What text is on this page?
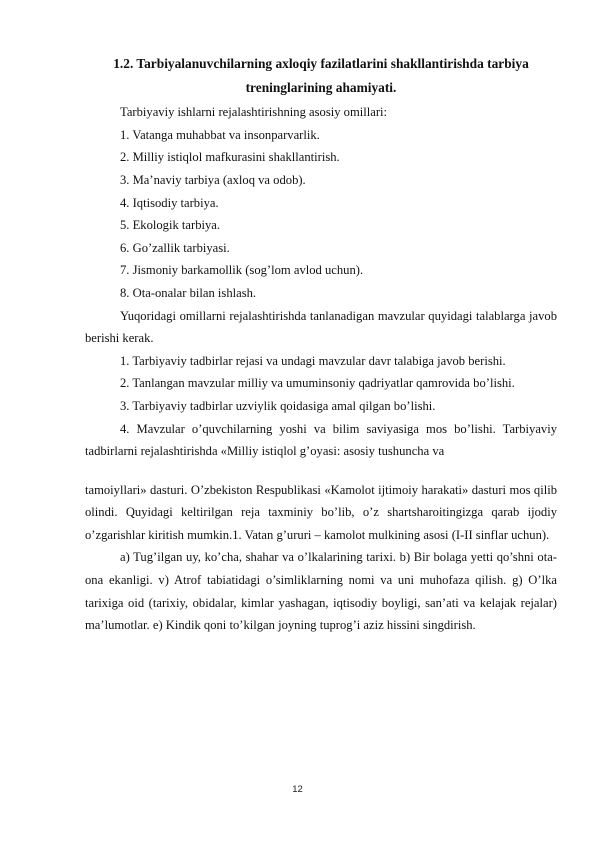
1.2. Tarbiyalanuvchilarning axloqiy fazilatlarini shakllantirishda tarbiya treninglarining ahamiyati.

Tarbiyaviy ishlarni rejalashtirishning asosiy omillari:

1. Vatanga muhabbat va insonparvarlik.

2. Milliy istiqlol mafkurasini shakllantirish.

3. Ma’naviy tarbiya (axloq va odob).

4. Iqtisodiy tarbiya.

5. Ekologik tarbiya.

6. Go’zallik tarbiyasi.

7. Jismoniy barkamollik (sog’lom avlod uchun).

8. Ota-onalar bilan ishlash.

Yuqoridagi omillarni rejalashtirishda tanlanadigan mavzular quyidagi talablarga javob berishi kerak.

1. Tarbiyaviy tadbirlar rejasi va undagi mavzular davr talabiga javob berishi.

2. Tanlangan mavzular milliy va umuminsoniy qadriyatlar qamrovida bo’lishi.

3. Tarbiyaviy tadbirlar uzviylik qoidasiga amal qilgan bo’lishi.

4. Mavzular o’quvchilarning yoshi va bilim saviyasiga mos bo’lishi. Tarbiyaviy tadbirlarni rejalashtirishda «Milliy istiqlol g’oyasi: asosiy tushuncha va

tamoiyllari» dasturi. O’zbekiston Respublikasi «Kamolot ijtimoiy harakati» dasturi mos qilib olindi. Quyidagi keltirilgan reja taxminiy bo’lib, o’z shartsharoitingizga qarab ijodiy o’zgarishlar kiritish mumkin.1. Vatan g’ururi – kamolot mulkining asosi (I-II sinflar uchun).

a) Tug’ilgan uy, ko’cha, shahar va o’lkalarining tarixi. b) Bir bolaga yetti qo’shni ota-ona ekanligi. v) Atrof tabiatidagi o’simliklarning nomi va uni muhofaza qilish. g) O’lka tarixiga oid (tarixiy, obidalar, kimlar yashagan, iqtisodiy boyligi, san’ati va kelajak rejalar) ma’lumotlar. e) Kindik qoni to’kilgan joyning tuprog’i aziz hissini singdirish.

12
